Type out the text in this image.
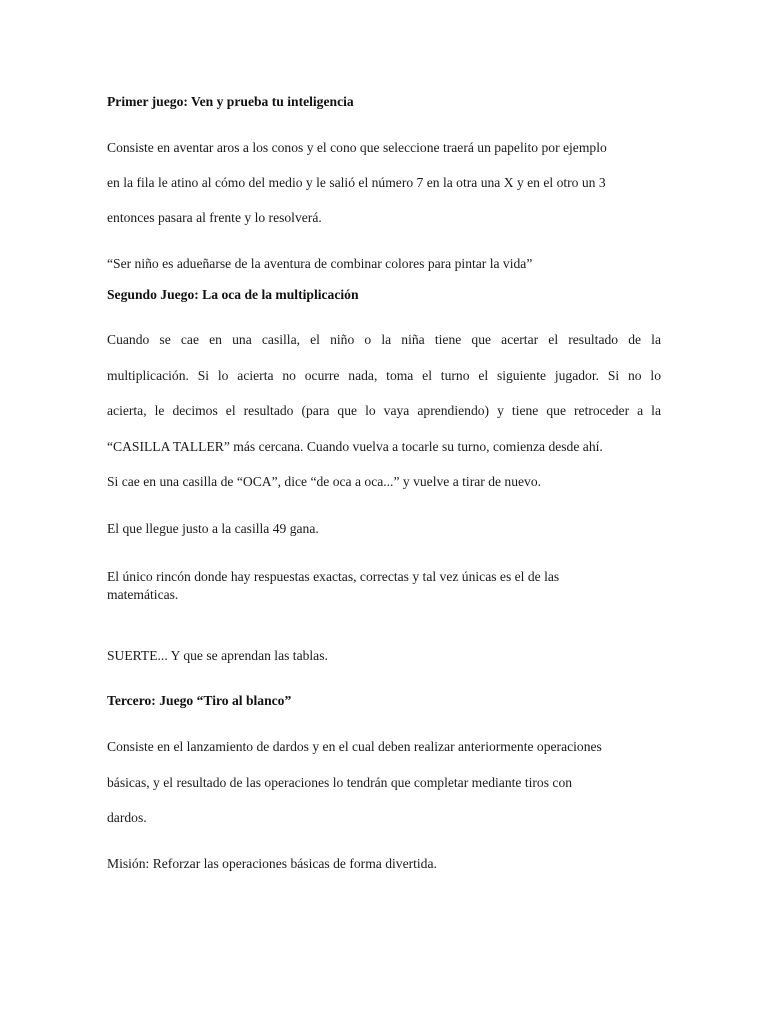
Primer juego: Ven y prueba tu inteligencia

Consiste en aventar aros a los conos y el cono que seleccione traerá un papelito por ejemplo

en la fila le atino al cómo del medio y le salió el número 7 en la otra una X y en el otro un 3

entonces pasara al frente y lo resolverá.

“Ser niño es adueñarse de la aventura de combinar colores para pintar la vida”

Segundo Juego: La oca de la multiplicación

Cuando se cae en una casilla, el niño o la niña tiene que acertar el resultado de la

multiplicación. Si lo acierta no ocurre nada, toma el turno el siguiente jugador. Si no lo

acierta, le decimos el resultado (para que lo vaya aprendiendo) y tiene que retroceder a la

“CASILLA TALLER” más cercana. Cuando vuelva a tocarle su turno, comienza desde ahí.

Si cae en una casilla de “OCA”, dice “de oca a oca...” y vuelve a tirar de nuevo.

El que llegue justo a la casilla 49 gana.

El único rincón donde hay respuestas exactas, correctas y tal vez únicas es el de las

matemáticas.

SUERTE... Y que se aprendan las tablas.

Tercero: Juego “Tiro al blanco”

Consiste en el lanzamiento de dardos y en el cual deben realizar anteriormente operaciones

básicas, y el resultado de las operaciones lo tendrán que completar mediante tiros con

dardos.

Misión: Reforzar las operaciones básicas de forma divertida.
